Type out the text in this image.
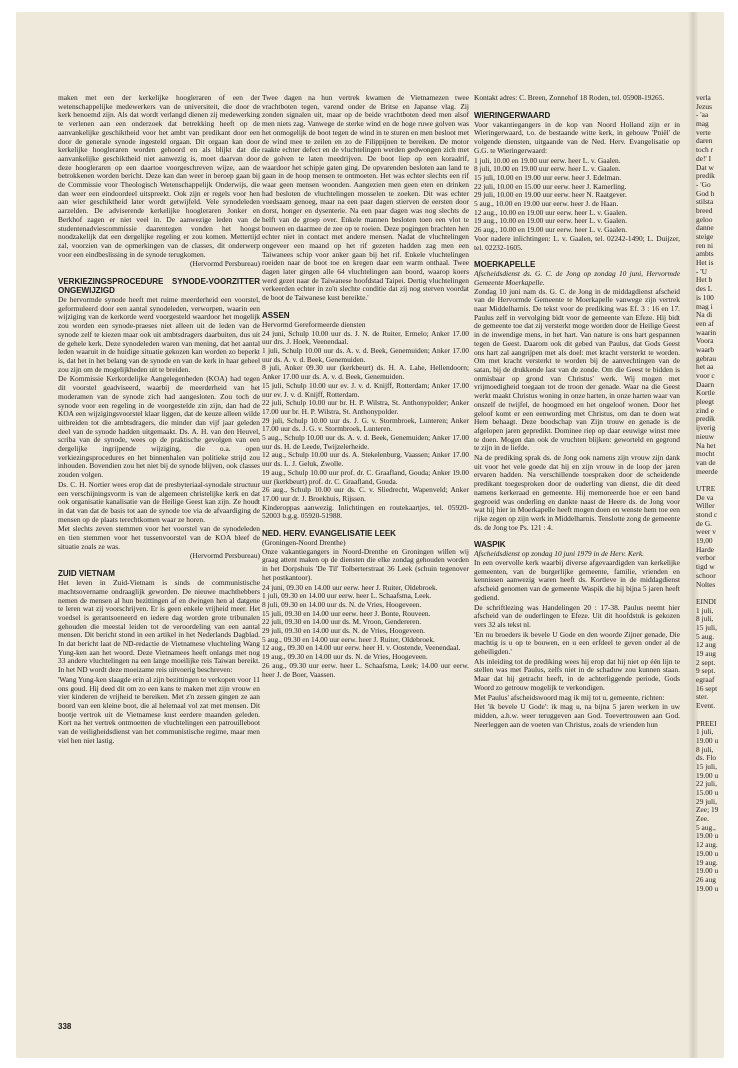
maken met een der kerkelijke hoogleraren of een der wetenschappelijke medewerkers van de universiteit, die door de kerk benoemd zijn. Als dat wordt verlangd dienen zij medewerking te verlenen aan een onderzoek dat betrekking heeft op de aanvankelijke geschiktheid voor het ambt van predikant door een door de generale synode ingesteld orgaan. Dit orgaan kan door kerkelijke hoogleraren worden gehoord en als blijkt dat die aanvankelijke geschiktheid niet aanwezig is, moet daarvan door deze hoogleraren op een daartoe voorgeschreven wijze, aan de betrokkenen worden bericht. Deze kan dan weer in beroep gaan bij de Commissie voor Theologisch Wetenschappelijk Onderwijs, die dan weer een eindoordeel uitspreekt. Ook zijn er regels voor hen aan wier geschiktheid later wordt getwijfeld. Vele synodeleden aarzelden. De adviserende kerkelijke hoogleraren Jonker en Berkhof zagen er niet veel in. De aanwezige leden van de studentenadviescommissie daarentegen vonden het hoogst noodzakelijk dat een dergelijke regeling er zou komen. Mettertijd zal, voorzien van de opmerkingen van de classes, dit onderwerp voor een eindbeslissing in de synode terugkomen.

(Hervormd Persbureau)

VERKIEZINGSPROCEDURE SYNODE-VOORZITTER ONGEWIJZIGD

De hervormde synode heeft met ruime meerderheid een voorstel, geformuleerd door een aantal synodeleden, verworpen, waarin een wijziging van de kerkorde werd voorgesteld waardoor het mogelijk zou worden een synode-praeses niet alleen uit de leden van de synode zelf te kiezen maar ook uit ambtsdragers daarbuiten, dus uit de gehele kerk. Deze synodeleden waren van mening, dat het aantal leden waaruit in de huidige situatie gekozen kan worden zo beperkt is, dat het in het belang van de synode en van de kerk in haar geheel zou zijn om de mogelijkheden uit te breiden.

De Kommissie Kerkordelijke Aangelegenheden (KOA) had tegen dit voorstel geadviseerd, waarbij de meerderheid van het moderamen van de synode zich had aangesloten. Zou toch de synode voor een regeling in de voorgestelde zin zijn, dan had de KOA een wijzigingsvoorstel klaar liggen, dat de keuze alleen wilde uitbreiden tot die ambtsdragers, die minder dan vijf jaar geleden deel van de synode hadden uitgemaakt. Ds. A. H. van den Heuvel, scriba van de synode, wees op de praktische gevolgen van een dergelijke ingrijpende wijziging, die o.a. open verkiezingsprocedures en het binnenhalen van politieke strijd zou inhouden. Bovendien zou het niet bij de synode blijven, ook classes zouden volgen.

Ds. C. H. Nortier wees erop dat de presbyteriaal-synodale structuur een verschijningsvorm is van de algemeen christelijke kerk en dat ook organisatie kanalisatie van de Heilige Geest kan zijn. Ze houdt in dat van dat de basis tot aan de synode toe via de afvaardiging de mensen op de plaats terechtkomen waar ze horen.

Met slechts zeven stemmen voor het voorstel van de synodeleden en tien stemmen voor het tussenvoorstel van de KOA bleef de situatie zoals ze was.

(Hervormd Persbureau)

ZUID VIETNAM

Het leven in Zuid-Vietnam is sinds de communistische machtsovername ondraaglijk geworden. De nieuwe machthebbers nemen de mensen al hun bezittingen af en dwingen hen al datgene te leren wat zij voorschrijven. Er is geen enkele vrijheid meer. Het voedsel is gerantsoeneerd en iedere dag worden grote tribunalen gehouden die meestal leiden tot de veroordeling van een aantal mensen. Dit bericht stond in een artikel in het Nederlands Dagblad. In dat bericht laat de ND-redactie de Vietnamese vluchteling Wang Yung-ken aan het woord. Deze Vietnamees heeft onlangs met nog 33 andere vluchtelingen na een lange moeilijke reis Taiwan bereikt. In het ND wordt deze moeizame reis uitvoerig beschreven:

'Wang Yung-ken slaagde erin al zijn bezittingen te verkopen voor 11 ons goud. Hij deed dit om zo een kans te maken met zijn vrouw en vier kinderen de vrijheid te bereiken. Met z'n zessen gingen ze aan boord van een kleine boot, die al helemaal vol zat met mensen. Dit bootje vertrok uit de Vietnamese kust eerdere maanden geleden. Kort na het vertrek ontmoetten de vluchtelingen een patrouilleboot van de veiligheidsdienst van het communistische regime, maar men viel hen niet lastig.

Twee dagen na hun vertrek kwamen de Vietnamezen twee vrachtboten tegen, varend onder de Britse en Japanse vlag. Zij zonden signalen uit, maar op de beide vrachtboten deed men alsof men niets zag. Vanwege de sterke wind en de hoge ruwe golven was het onmogelijk de boot tegen de wind in te sturen en men besloot met de wind mee te zeilen en zo de Filippijnen te bereiken. De motor raakte echter defect en de vluchtelingen werden gedwongen zich met de golven te laten meedrijven. De boot liep op een koraalrif, waardoor het schipje gaten ging. De opvarenden besloten aan land te gaan in de hoop mensen te ontmoeten. Het was echter slechts een rif waar geen mensen woonden. Aangezien men geen eten en drinken had besloten de vluchtelingen mosselen te zoeken. Dit was echter voedsaam genoeg, maar na een paar dagen stierven de eersten door dorst, honger en dysenterie. Na een paar dagen was nog slechts de helft van de groep over. Enkele mannen besloten toen een vlot te bouwen en daarmee de zee op te roeien. Deze pogingen brachten hen echter niet in contact met andere mensen. Nadat de vluchtelingen ongeveer een maand op het rif gezeten hadden zag men een Taiwanees schip voor anker gaan bij het rif. Enkele vluchtelingen roeiden naar de boot toe en kregen daar een warm onthaal. Twee dagen later gingen alle 64 vluchtelingen aan boord, waarop koers werd gezet naar de Taiwanese hoofdstad Taipei. Dertig vluchtelingen verkeerden echter in zo'n slechte conditie dat zij nog sterven voordat de boot de Taiwanese kust bereikte.'

ASSEN

Hervormd Gereformeerde diensten

24 juni, Schulp 10.00 uur ds. J. N. de Ruiter, Ermelo; Anker 17.00 uur drs. J. Hoek, Veenendaal.

1 juli, Schulp 10.00 uur ds. A. v. d. Beek, Genemuiden; Anker 17.00 uur ds. A. v. d. Beek, Genemuiden.

8 juli, Anker 09.30 uur (kerkbeurt) ds. H. A. Lahe, Hellendoorn; Anker 17.00 uur ds. A. v. d. Beek, Genemuiden.

15 juli, Schulp 10.00 uur ev. J. v. d. Knijff, Rotterdam; Anker 17.00 uur ev. J. v. d. Knijff, Rotterdam.

22 juli, Schulp 10.00 uur br. H. P. Wilstra, St. Anthonypolder; Anker 17.00 uur br. H. P. Wilstra, St. Anthonypolder.

29 juli, Schulp 10.00 uur ds. J. G. v. Stormbroek, Lunteren; Anker 17.00 uur ds. J. G. v. Stormbroek, Lunteren.

5 aug., Schulp 10.00 uur ds. A. v. d. Beek, Genemuiden; Anker 17.00 uur ds. H. de Leede, Twijzelerheide.

12 aug., Schulp 10.00 uur ds. A. Stekelenburg, Vaassen; Anker 17.00 uur ds. L. J. Geluk, Zwolle.

19 aug., Schulp 10.00 uur prof. dr. C. Graafland, Gouda; Anker 19.00 uur (kerkbeurt) prof. dr. C. Graafland, Gouda.

26 aug., Schulp 10.00 uur ds. C. v. Sliedrecht, Wapenveld; Anker 17.00 uur dr. J. Broekhuis, Rijssen.

Kinderoppas aanwezig. Inlichtingen en routekaartjes, tel. 05920-52003 b.g.g. 05920-51988.

NED. HERV. EVANGELISATIE LEEK

(Groningen-Noord Drenthe)

Onze vakantiegangers in Noord-Drenthe en Groningen willen wij graag attent maken op de diensten die elke zondag gehouden worden in het Dorpshuis 'De Til' Tolberterstraat 36 Leek (schuin tegenover het postkantoor).

24 juni, 09.30 en 14.00 uur eerw. heer J. Ruiter, Oldebroek.

1 juli, 09.30 en 14.00 uur eerw. heer L. Schaafsma, Leek.

8 juli, 09.30 en 14.00 uur ds. N. de Vries, Hoogeveen.

15 juli, 09.30 en 14.00 uur eerw. heer J. Bonte, Rouveen.

22 juli, 09.30 en 14.00 uur ds. M. Vroon, Gendereren.

29 juli, 09.30 en 14.00 uur ds. N. de Vries, Hoogeveen.

5 aug., 09.30 en 14.00 uur eerw. heer J. Ruiter, Oldebroek.

12 aug., 09.30 en 14.00 uur eerw. heer H. v. Oostende, Veenendaal.

19 aug., 09.30 en 14.00 uur ds. N. de Vries, Hoogeveen.

26 aug., 09.30 uur eerw. heer L. Schaafsma, Leek; 14.00 uur eerw. heer J. de Boer, Vaassen.

Kontakt adres: C. Breen, Zonnehof 18 Roden, tel. 05908-19265.

WIERINGERWAARD

Voor vakantiegangers in de kop van Noord Holland zijn er in Wieringerwaard, t.o. de bestaande witte kerk, in gebouw 'Pniël' de volgende diensten, uitgaande van de Ned. Herv. Evangelisatie op G.G. te Wieringerwaard:

1 juli, 10.00 en 19.00 uur eerw. heer L. v. Gaalen.

8 juli, 10.00 en 19.00 uur eerw. heer L. v. Gaalen.

15 juli, 10.00 en 19.00 uur eerw. heer J. Edelman.

22 juli, 10.00 en 15.00 uur eerw. heer J. Kamerling.

29 juli, 10.00 en 19.00 uur eerw. heer N. Raatgever.

5 aug., 10.00 en 19.00 uur eerw. heer J. de Haan.

12 aug., 10.00 en 19.00 uur eerw. heer L. v. Gaalen.

19 aug., 10.00 en 19.00 uur eerw. heer L. v. Gaalen.

26 aug., 10.00 en 19.00 uur eerw. heer L. v. Gaalen.

Voor nadere inlichtingen: L. v. Gaalen, tel. 02242-1490; L. Duijzer, tel. 02232-1605.

MOERKAPELLE

Afscheidsdienst ds. G. C. de Jong op zondag 10 juni, Hervormde Gemeente Moerkapelle.

Zondag 10 juni nam ds. G. C. de Jong in de middagdienst afscheid van de Hervormde Gemeente te Moerkapelle vanwege zijn vertrek naar Middelharnis. De tekst voor de prediking was Ef. 3 : 16 en 17. Paulus zelf in vervolging bidt voor de gemeente van Efeze. Hij bidt de gemeente toe dat zij versterkt moge worden door de Heilige Geest in de inwendige mens, in het hart. Van nature is ons hart gespannen tegen de Geest. Daarom ook dit gebed van Paulus, dat Gods Geest ons hart zal aangrijpen met als doel: met kracht versterkt te worden. Om met kracht versterkt te worden bij de aanvechtingen van de satan, bij de drukkende last van de zonde. Om die Geest te bidden is onmisbaar op grond van Christus' werk. Wij mogen met vrijmoedigheid toegaan tot de troon der genade. Waar na die Geest werkt maakt Christus woning in onze harten, in onze harten waar van onszelf de twijfel, de hoogmoed en het ongeloof wonen. Door het geloof komt er een eenwording met Christus, om dan te doen wat Hem behaagt. Deze boodschap van Zijn trouw en genade is de afgelopen jaren gepredikt. Dominee riep op daar eeuwige winst mee te doen. Mogen dan ook de vruchten blijken: geworteld en gegrond te zijn in de liefde.

Na de prediking sprak ds. de Jong ook namens zijn vrouw zijn dank uit voor het vele goede dat hij en zijn vrouw in de loop der jaren ervaren hadden. Na verschillende toespraken door de scheidende predikant toegesproken door de ouderling van dienst, die dit deed namens kerkeraad en gemeente. Hij memoreerde hoe er een band gegroeid was onderling en dankte naast de Heere ds. de Jong voor wat hij hier in Moerkapelle heeft mogen doen en wenste hem toe een rijke zegen op zijn werk in Middelharnis. Tenslotte zong de gemeente ds. de Jong toe Ps. 121 : 4.

WASPIK

Afscheidsdienst op zondag 10 juni 1979 in de Herv. Kerk.

In een overvolle kerk waarbij diverse afgevaardigden van kerkelijke gemeenten, van de burgerlijke gemeente, familie, vrienden en kennissen aanwezig waren heeft ds. Kortleve in de middagdienst afscheid genomen van de gemeente Waspik die hij bijna 5 jaren heeft gediend.

De schriftlezing was Handelingen 20 : 17-38. Paulus neemt hier afscheid van de ouderlingen te Efeze. Uit dit hoofdstuk is gekozen vers 32 als tekst nl.

'En nu broeders ik bevele U Gode en den woorde Zijner genade, Die machtig is u op te bouwen, en u een erfdeel te geven onder al de geheiligden.'

Als inleiding tot de prediking wees hij erop dat hij niet op één lijn te stellen was met Paulus, zelfs niet in de schaduw zou kunnen staan. Maar dat hij getracht heeft, in de achterliggende periode, Gods Woord zo getrouw mogelijk te verkondigen.

Met Paulus' afscheidswoord mag ik mij tot u, gemeente, richten:

Het 'ik bevele U Gode': ik mag u, na bijna 5 jaren werken in uw midden, a.h.w. weer teruggeven aan God. Toevertrouwen aan God. Neerleggen aan de voeten van Christus, zoals de vrienden hun

verla
Jezus
- 'aa
mag
verte
daren
toch r
de!' I
Dat w
predik
- 'Go
God h
stilsta
breed
geloo
danne
steige
ren ni
ambts
Het is
- 'U
Het b
des L
is 100
mag i
Na di
een af
waarin
Voora
waarb
gebrau
het aa
voor c
Daarn
Kortle
pleegt
zind e
predik
ijverig
nieuw
Na het
mocht
van de
meerde
UTRE
De va
Willer
stond c
de G.
weer v
19,00
Harde
verbor
tigd w
schoor
Noltes
EINDI
1 juli,
8 juli,
15 juli,
5 aug.
12 aug
19 aug
2 sept.
9 sept.
egraaf
16 sept
ster.
Event.
PREEI
1 juli,
19.00 u
8 juli,
ds. Flo
15 juli,
19.00 u
22 juli,
15.00 u
29 juli,
Zee; 19
Zee.
5 aug.,
19.00 u
12 aug.
19.00 u
19 aug.
19.00 u
26 aug
19.00 u
338
